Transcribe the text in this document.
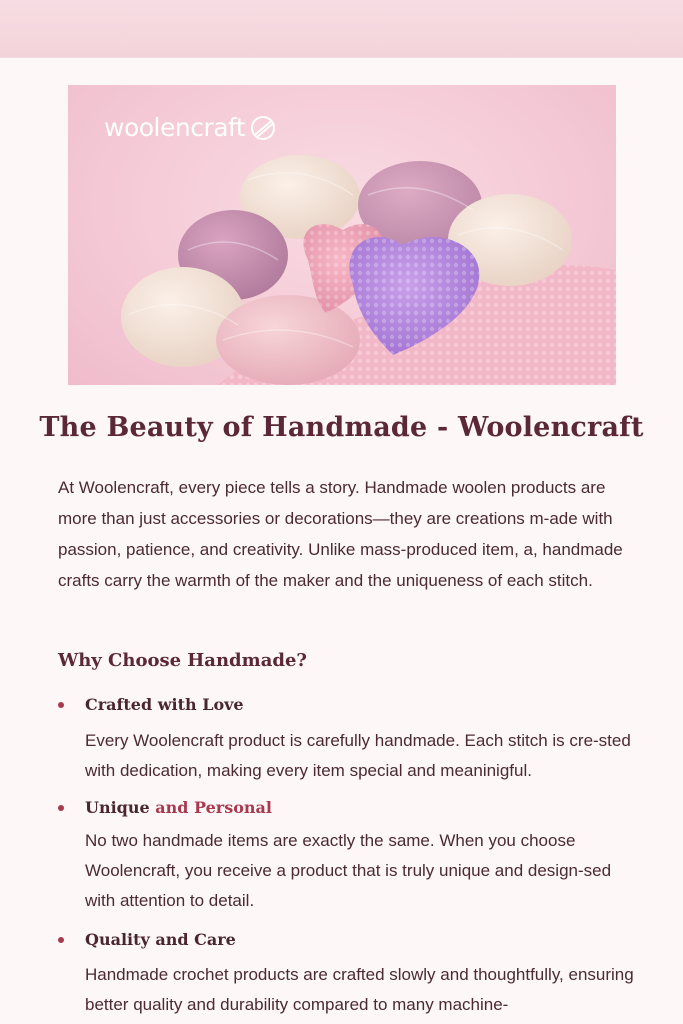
woolencraft
The Beauty of Handmade - Woolencraft

At Woolencraft, every piece tells a story. Handmade woolen products are more than just accessories or decorations—they are creations m-ade with passion, patience, and creativity. Unlike mass-produced item, a, handmade crafts carry the warmth of the maker and the uniqueness of each stitch.

Why Choose Handmade?

Crafted with Love

Every Woolencraft product is carefully handmade. Each stitch is cre-sted with dedication, making every item special and meaninigful.

Unique and Personal

No two handmade items are exactly the same. When you choose Woolencraft, you receive a product that is truly unique and design-sed with attention to detail.

Quality and Care

Handmade crochet products are crafted slowly and thoughtfully, ensuring better quality and durability compared to many machine-
